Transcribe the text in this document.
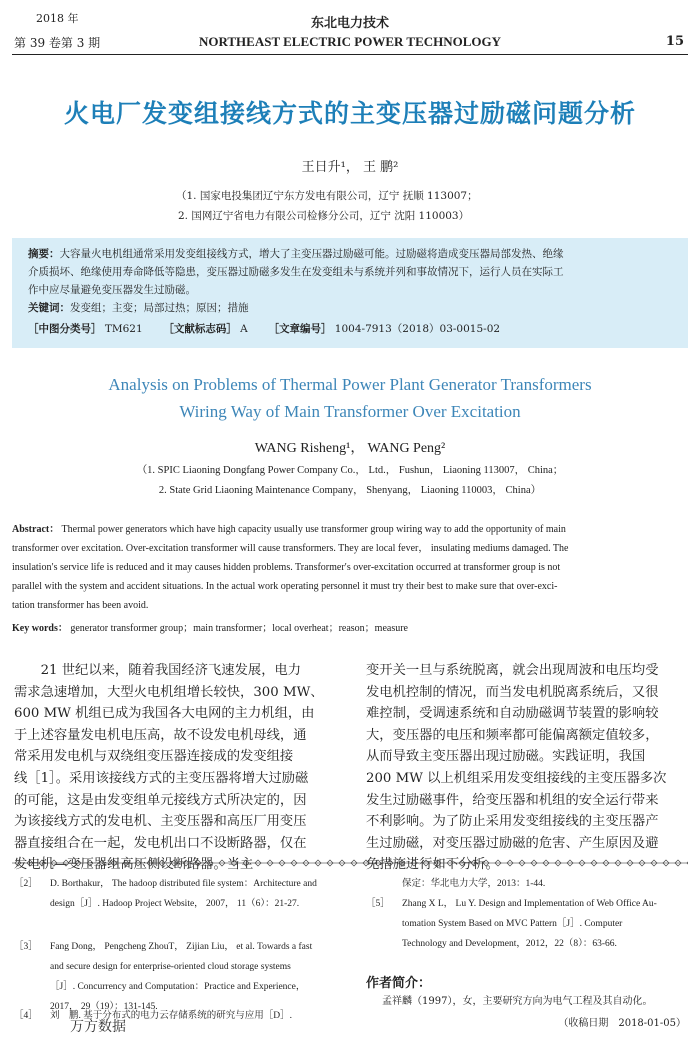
2018 年
第 39 卷第 3 期
东北电力技术
NORTHEAST ELECTRIC POWER TECHNOLOGY	15
火电厂发变组接线方式的主变压器过励磁问题分析
王日升¹， 王 鹏²
（1. 国家电投集团辽宁东方发电有限公司，辽宁 抚顺 113007；
2. 国网辽宁省电力有限公司检修分公司，辽宁 沈阳 110003）
摘要：大容量火电机组通常采用发变组接线方式，增大了主变压器过励磁可能。过励磁将造成变压器局部发热、绝缘
介质损坏、绝缘使用寿命降低等隐患，变压器过励磁多发生在发变组未与系统并列和事故情况下，运行人员在实际工
作中应尽量避免变压器发生过励磁。
关键词：发变组；主变；局部过热；原因；措施
［中图分类号］ TM621 ［文献标志码］ A ［文章编号］ 1004-7913（2018）03-0015-02
Analysis on Problems of Thermal Power Plant Generator Transformers
Wiring Way of Main Transformer Over Excitation
WANG Risheng¹， WANG Peng²
（1. SPIC Liaoning Dongfang Power Company Co.， Ltd.， Fushun， Liaoning 113007， China；
2. State Grid Liaoning Maintenance Company， Shenyang， Liaoning 110003， China）
Abstract： Thermal power generators which have high capacity usually use transformer group wiring way to add the opportunity of main
transformer over excitation. Over-excitation transformer will cause transformers. They are local fever， insulating mediums damaged. The
insulation′s service life is reduced and it may causes hidden problems. Transformer′s over-excitation occurred at transformer group is not
parallel with the system and accident situations. In the actual work operating personnel it must try their best to make sure that over-exci-
tation transformer has been avoid.
Key words： generator transformer group；main transformer；local overheat；reason；measure
　　21 世纪以来，随着我国经济飞速发展，电力
需求急速增加，大型火电机组增长较快，300 MW、
600 MW 机组已成为我国各大电网的主力机组，由
于上述容量发电机电压高，故不设发电机母线，通
常采用发电机与双绕组变压器连接成的发变组接
线［1］。采用该接线方式的主变压器将增大过励磁
的可能，这是由发变组单元接线方式所决定的，因
为该接线方式的发电机、主变压器和高压厂用变压
器直接组合在一起，发电机出口不设断路器，仅在
变开关一旦与系统脱离，就会出现周波和电压均受
发电机控制的情况，而当发电机脱离系统后，又很
难控制，受调速系统和自动励磁调节装置的影响较
大，变压器的电压和频率都可能偏离额定值较多，
从而导致主变压器出现过励磁。实践证明，我国
200 MW 以上机组采用发变组接线的主变压器多次
发生过励磁事件，给变压器和机组的安全运行带来
不利影响。为了防止采用发变组接线的主变压器产
生过励磁，对变压器过励磁的危害、产生原因及避
［2］ D. Borthakur， The hadoop distributed file system：Architecture and
design［J］. Hadoop Project Website， 2007， 11（6）：21-27.
［3］ Fang Dong， Pengcheng ZhouT， Zijian Liu， et al. Towards a fast
and secure design for enterprise-oriented cloud storage systems
［J］. Concurrency and Computation：Practice and Experience，
2017， 29（19）：131-145.
［4］ 刘　鹏. 基于分布式的电力云存储系统的研究与应用［D］.
保定：华北电力大学，2013：1-44.
［5］ Zhang X L， Lu Y. Design and Implementation of Web Office Au-
tomation System Based on MVC Pattern［J］. Computer
Technology and Development，2012，22（8）：63-66.
作者简介：
孟祥麟（1997），女，主要研究方向为电气工程及其自动化。
（收稿日期　2018-01-05）
万方数据
